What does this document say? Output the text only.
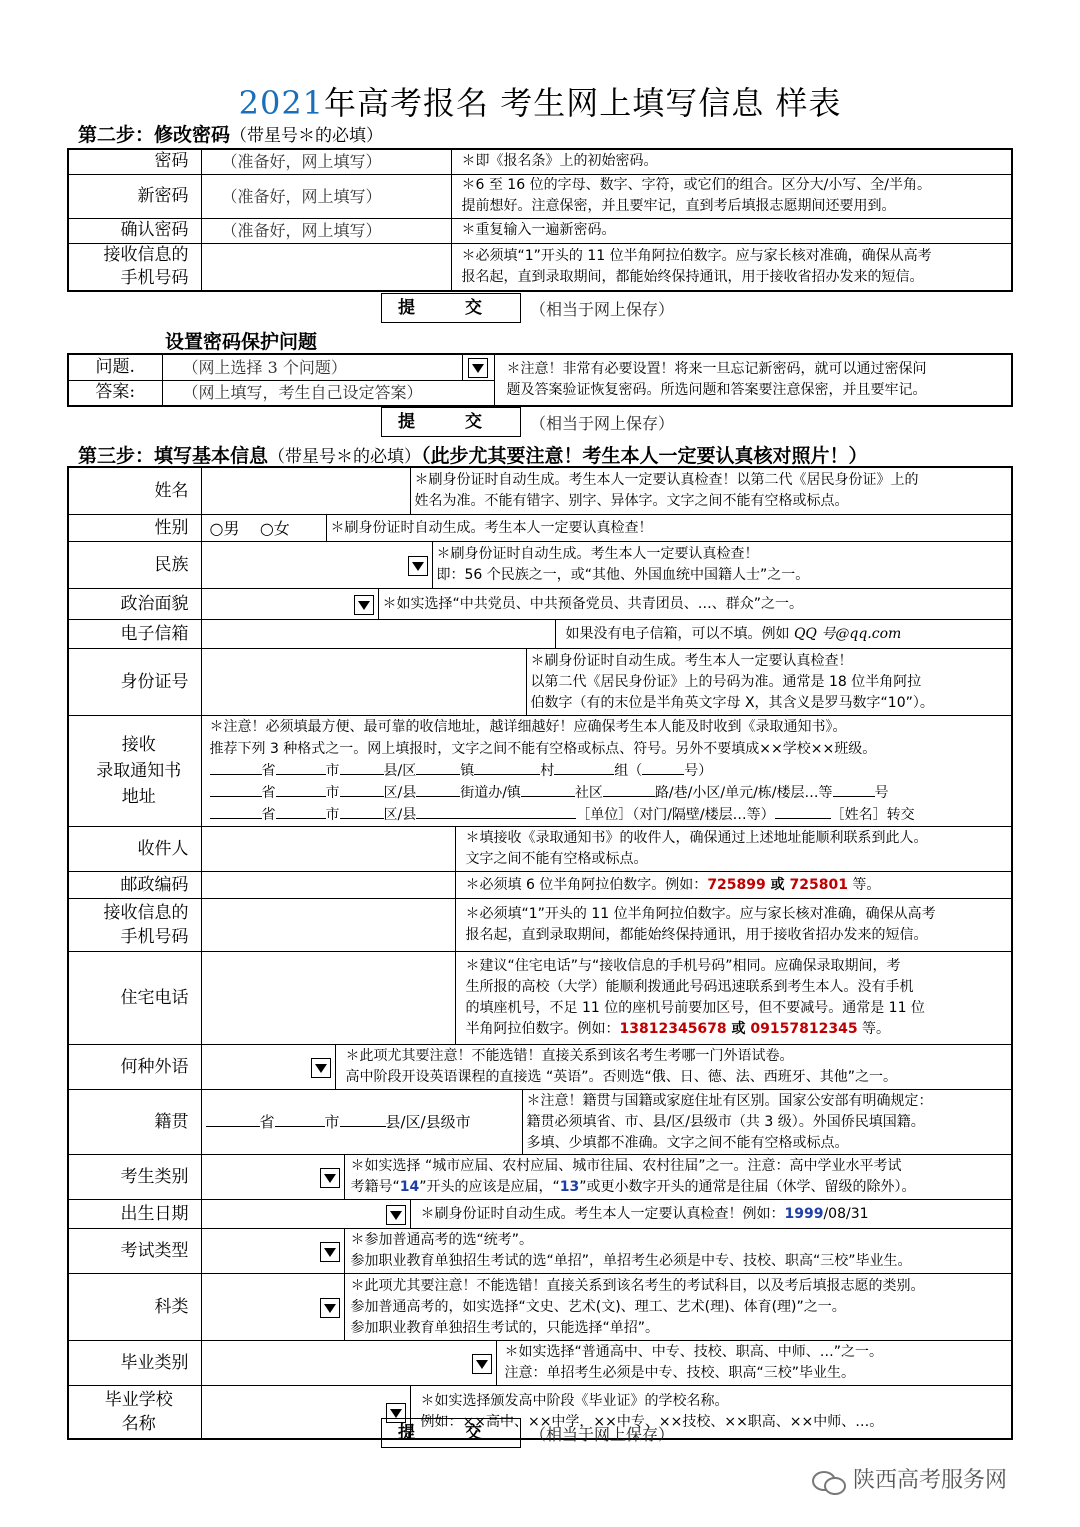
2021年高考报名 考生网上填写信息 样表
第二步：修改密码（带星号＊的必填）
密码	（准备好，网上填写）	＊即《报名条》上的初始密码。
新密码	（准备好，网上填写）	＊6 至 16 位的字母、数字、字符，或它们的组合。区分大/小写、全/半角。
提前想好。注意保密，并且要牢记，直到考后填报志愿期间还要用到。
确认密码	（准备好，网上填写）	＊重复输入一遍新密码。
接收信息的
手机号码		＊必须填“1”开头的 11 位半角阿拉伯数字。应与家长核对准确，确保从高考
报名起，直到录取期间，都能始终保持通讯，用于接收省招办发来的短信。
提 交	（相当于网上保存）
设置密码保护问题
问题.	（网上选择 3 个问题）		＊注意！非常有必要设置！将来一旦忘记新密码，就可以通过密保问
题及答案验证恢复密码。所选问题和答案要注意保密，并且要牢记。
答案:	（网上填写，考生自己设定答案）		
提 交	（相当于网上保存）
第三步：填写基本信息（带星号＊的必填）（此步尤其要注意！考生本人一定要认真核对照片！）
姓名	
	＊刷身份证时自动生成。考生本人一定要认真检查！以第二代《居民身份证》上的
姓名为准。不能有错字、别字、异体字。文字之间不能有空格或标点。

性别	○男 ○女	＊刷身份证时自动生成。考生本人一定要认真检查！

民族	
	＊刷身份证时自动生成。考生本人一定要认真检查！
即：56 个民族之一，或“其他、外国血统中国籍人士”之一。

政治面貌	
		＊如实选择“中共党员、中共预备党员、共青团员、…、群众”之一。

电子信箱	
		如果没有电子信箱，可以不填。例如 QQ 号@qq.com

身份证号	
	＊刷身份证时自动生成。考生本人一定要认真检查！
以第二代《居民身份证》上的号码为准。通常是 18 位半角阿拉
伯数字（有的末位是半角英文字母 X，其含义是罗马数字“10”）。

接收
录取通知书
地址	
＊注意！必须填最方便、最可靠的收信地址，越详细越好！应确保考生本人能及时收到《录取通知书》。
推荐下列 3 种格式之一。网上填报时，文字之间不能有空格或标点、符号。另外不要填成××学校××班级。
省	市	县/区	镇	村	组（	号）
省	市	区/县	街道办/镇	社区	路/巷/小区/单元/栋/楼层…等	号
省	市	区/县	［单位］（对门/隔壁/楼层…等）	［姓名］转交

收件人	
	＊填接收《录取通知书》的收件人，确保通过上述地址能顺利联系到此人。
文字之间不能有空格或标点。

邮政编码	
		＊必须填 6 位半角阿拉伯数字。例如：725899 或 725801 等。

接收信息的
手机号码	
	＊必须填“1”开头的 11 位半角阿拉伯数字。应与家长核对准确，确保从高考
报名起，直到录取期间，都能始终保持通讯，用于接收省招办发来的短信。

住宅电话	
	＊建议“住宅电话”与“接收信息的手机号码”相同。应确保录取期间，考
生所报的高校（大学）能顺利拨通此号码迅速联系到考生本人。没有手机
的填座机号，不足 11 位的座机号前要加区号，但不要减号。通常是 11 位
半角阿拉伯数字。例如：13812345678 或 09157812345 等。

何种外语	
	＊此项尤其要注意！不能选错！直接关系到该名考生考哪一门外语试卷。
高中阶段开设英语课程的直接选 “英语”。否则选“俄、日、德、法、西班牙、其他”之一。

籍贯		省	市	县/区/县级市	＊注意！籍贯与国籍或家庭住址有区别。国家公安部有明确规定：
籍贯必须填省、市、县/区/县级市（共 3 级）。外国侨民填国籍。
多填、少填都不准确。文字之间不能有空格或标点。

考生类别	

＊如实选择 “城市应届、农村应届、城市往届、农村往届”之一。注意：高中学业水平考试
考籍号“14”开头的应该是应届，“13”或更小数字开头的通常是往届（休学、留级的除外）。

出生日期	
		＊刷身份证时自动生成。考生本人一定要认真检查！例如：1999/08/31

考试类型	
	＊参加普通高考的选“统考”。
参加职业教育单独招生考试的选“单招”，单招考生必须是中专、技校、职高“三校”毕业生。

科类	
	＊此项尤其要注意！不能选错！直接关系到该名考生的考试科目，以及考后填报志愿的类别。
参加普通高考的，如实选择“文史、艺术(文)、理工、艺术(理)、体育(理)”之一。
参加职业教育单独招生考试的，只能选择“单招”。

毕业类别	
	＊如实选择“普通高中、中专、技校、职高、中师、…”之一。
注意：单招考生必须是中专、技校、职高“三校”毕业生。

毕业学校
名称	
	＊如实选择颁发高中阶段《毕业证》的学校名称。
例如：××高中、××中学，××中专、××技校、××职高、××中师、…。
提 交	（相当于网上保存）
陕西高考服务网
